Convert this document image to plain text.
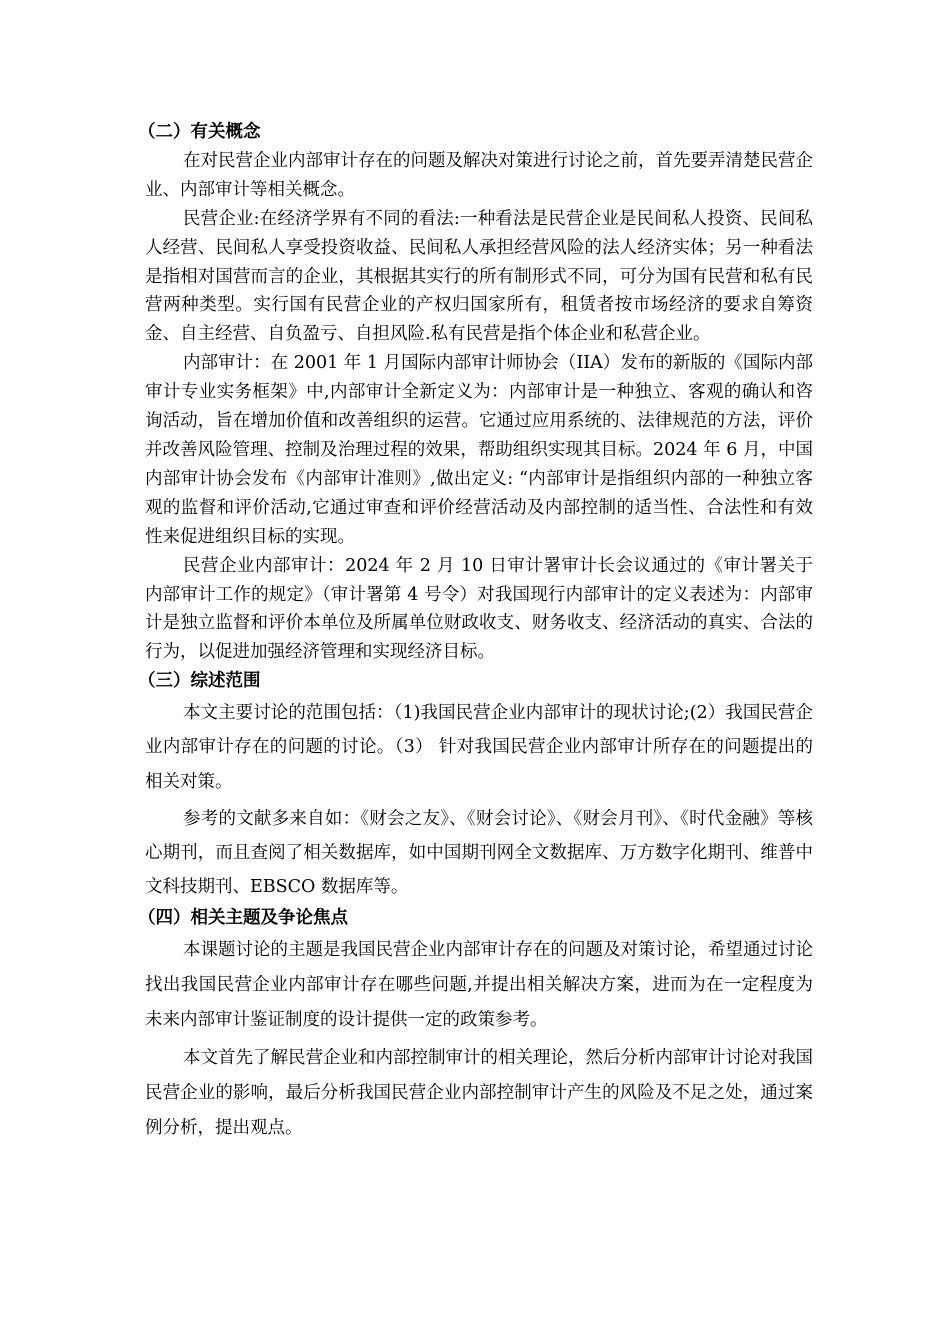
（二）有关概念

在对民营企业内部审计存在的问题及解决对策进行讨论之前，首先要弄清楚民营企业、内部审计等相关概念。

民营企业:在经济学界有不同的看法:一种看法是民营企业是民间私人投资、民间私人经营、民间私人享受投资收益、民间私人承担经营风险的法人经济实体；另一种看法是指相对国营而言的企业，其根据其实行的所有制形式不同，可分为国有民营和私有民营两种类型。实行国有民营企业的产权归国家所有，租赁者按市场经济的要求自筹资金、自主经营、自负盈亏、自担风险.私有民营是指个体企业和私营企业。

内部审计：在 2001 年 1 月国际内部审计师协会（IIA）发布的新版的《国际内部审计专业实务框架》中,内部审计全新定义为：内部审计是一种独立、客观的确认和咨询活动，旨在增加价值和改善组织的运营。它通过应用系统的、法律规范的方法，评价并改善风险管理、控制及治理过程的效果，帮助组织实现其目标。2024 年 6 月，中国内部审计协会发布《内部审计准则》,做出定义: “内部审计是指组织内部的一种独立客观的监督和评价活动,它通过审查和评价经营活动及内部控制的适当性、合法性和有效性来促进组织目标的实现。

民营企业内部审计：2024 年 2 月 10 日审计署审计长会议通过的《审计署关于内部审计工作的规定》（审计署第 4 号令）对我国现行内部审计的定义表述为：内部审计是独立监督和评价本单位及所属单位财政收支、财务收支、经济活动的真实、合法的行为，以促进加强经济管理和实现经济目标。

（三）综述范围

本文主要讨论的范围包括：（1)我国民营企业内部审计的现状讨论;(2）我国民营企业内部审计存在的问题的讨论。（3） 针对我国民营企业内部审计所存在的问题提出的相关对策。

参考的文献多来自如：《财会之友》、《财会讨论》、《财会月刊》、《时代金融》等核心期刊，而且查阅了相关数据库，如中国期刊网全文数据库、万方数字化期刊、维普中文科技期刊、EBSCO 数据库等。

（四）相关主题及争论焦点

本课题讨论的主题是我国民营企业内部审计存在的问题及对策讨论，希望通过讨论找出我国民营企业内部审计存在哪些问题,并提出相关解决方案，进而为在一定程度为未来内部审计鉴证制度的设计提供一定的政策参考。

本文首先了解民营企业和内部控制审计的相关理论，然后分析内部审计讨论对我国民营企业的影响，最后分析我国民营企业内部控制审计产生的风险及不足之处，通过案例分析，提出观点。
